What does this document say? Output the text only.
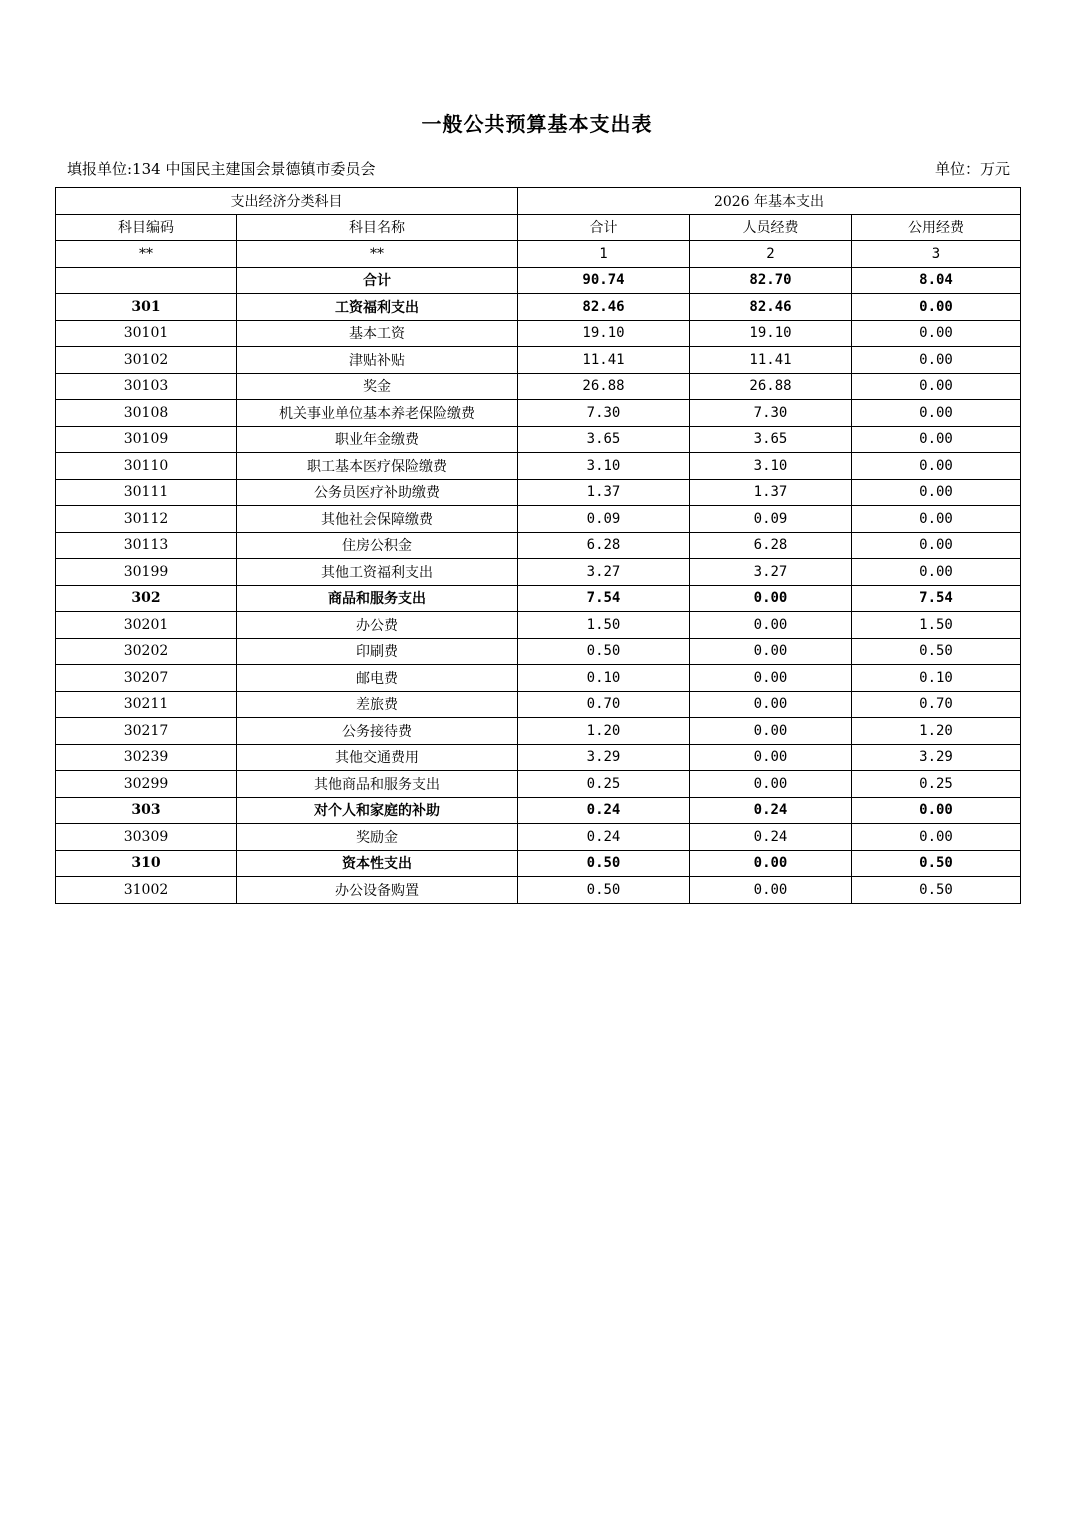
一般公共预算基本支出表
填报单位:134 中国民主建国会景德镇市委员会	单位：万元
支出经济分类科目		2026 年基本支出		
科目编码	科目名称	合计	人员经费	公用经费
**	**	1	2	3
	合计	90.74	82.70	8.04
301	工资福利支出	82.46	82.46	0.00
30101	基本工资	19.10	19.10	0.00
30102	津贴补贴	11.41	11.41	0.00
30103	奖金	26.88	26.88	0.00
30108	机关事业单位基本养老保险缴费	7.30	7.30	0.00
30109	职业年金缴费	3.65	3.65	0.00
30110	职工基本医疗保险缴费	3.10	3.10	0.00
30111	公务员医疗补助缴费	1.37	1.37	0.00
30112	其他社会保障缴费	0.09	0.09	0.00
30113	住房公积金	6.28	6.28	0.00
30199	其他工资福利支出	3.27	3.27	0.00
302	商品和服务支出	7.54	0.00	7.54
30201	办公费	1.50	0.00	1.50
30202	印刷费	0.50	0.00	0.50
30207	邮电费	0.10	0.00	0.10
30211	差旅费	0.70	0.00	0.70
30217	公务接待费	1.20	0.00	1.20
30239	其他交通费用	3.29	0.00	3.29
30299	其他商品和服务支出	0.25	0.00	0.25
303	对个人和家庭的补助	0.24	0.24	0.00
30309	奖励金	0.24	0.24	0.00
310	资本性支出	0.50	0.00	0.50
31002	办公设备购置	0.50	0.00	0.50
